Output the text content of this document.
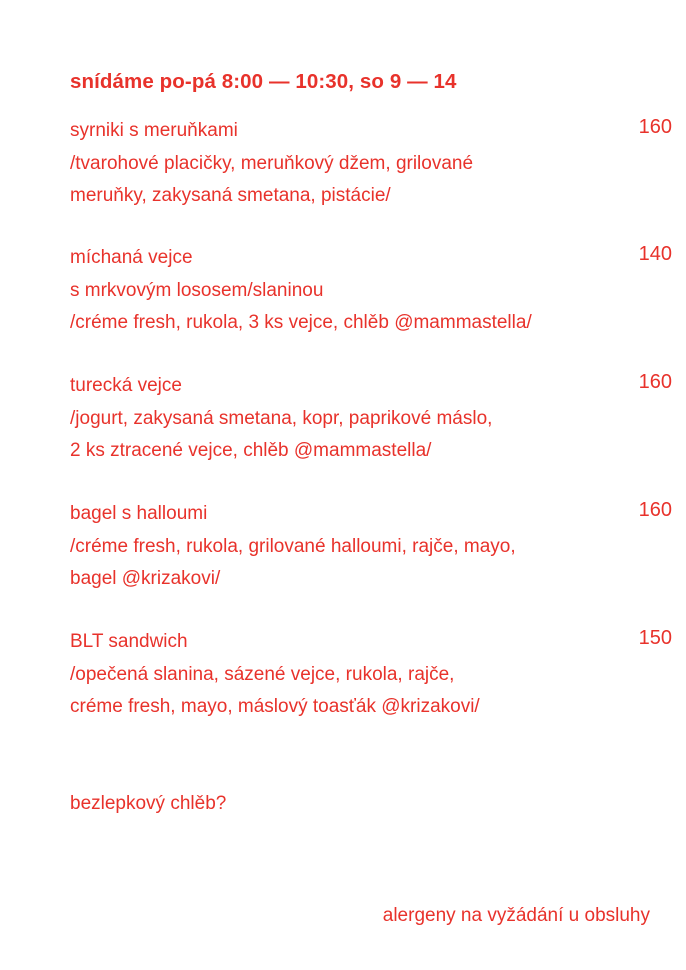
snídáme po-pá 8:00 — 10:30, so 9 — 14
syrniki s meruňkami	160
/tvarohové placičky, meruňkový džem, grilované
meruňky, zakysaná smetana, pistácie/
míchaná vejce	140
s mrkvovým lososem/slaninou
/créme fresh, rukola, 3 ks vejce, chlěb @mammastella/
turecká vejce	160
/jogurt, zakysaná smetana, kopr, paprikové máslo,
2 ks ztracené vejce, chlěb @mammastella/
bagel s halloumi	160
/créme fresh, rukola, grilované halloumi, rajče, mayo,
bagel @krizakovi/
BLT sandwich	150
/opečená slanina, sázené vejce, rukola, rajče,
créme fresh, mayo, máslový toasťák @krizakovi/
bezlepkový chlěb?
alergeny na vyžádání u obsluhy
